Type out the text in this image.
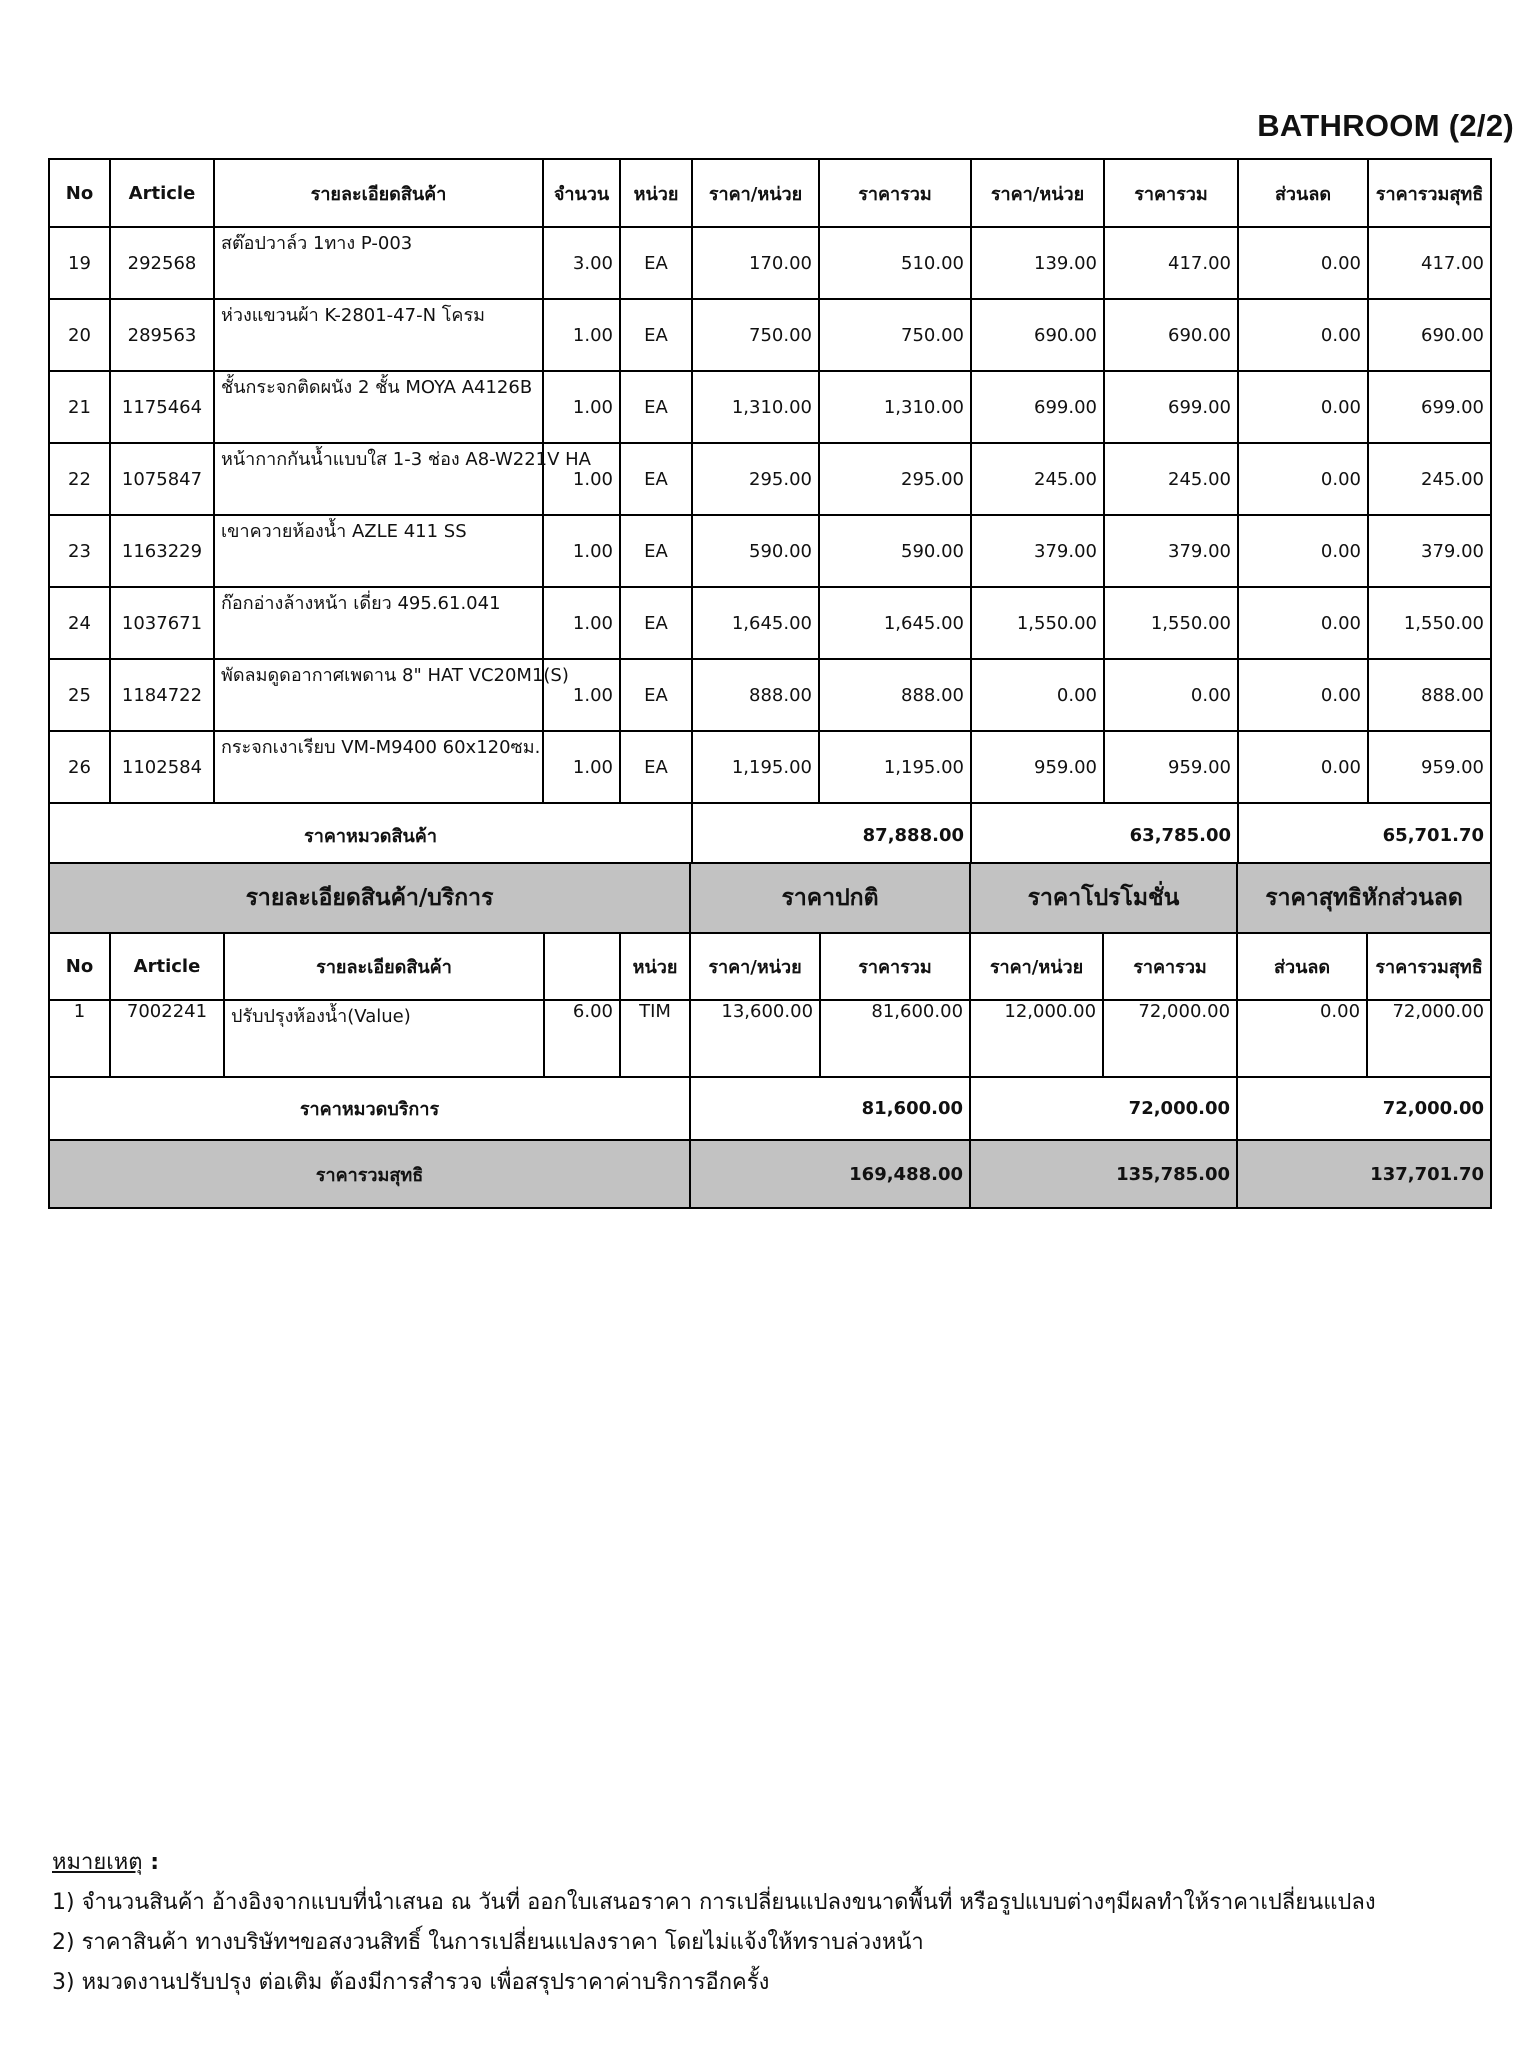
BATHROOM (2/2)
No	Article	รายละเอียดสินค้า	จำนวน	หน่วย	ราคา/หน่วย	ราคารวม	ราคา/หน่วย	ราคารวม	ส่วนลด	ราคารวมสุทธิ
19	292568	สต๊อปวาล์ว 1ทาง P-003	3.00	EA	170.00	510.00	139.00	417.00	0.00	417.00
20	289563	ห่วงแขวนผ้า K-2801-47-N โครม	1.00	EA	750.00	750.00	690.00	690.00	0.00	690.00
21	1175464	ชั้นกระจกติดผนัง 2 ชั้น MOYA A4126B	1.00	EA	1,310.00	1,310.00	699.00	699.00	0.00	699.00
22	1075847	หน้ากากกันน้ำแบบใส 1-3 ช่อง A8-W221V HA	1.00	EA	295.00	295.00	245.00	245.00	0.00	245.00
23	1163229	เขาควายห้องน้ำ AZLE 411 SS	1.00	EA	590.00	590.00	379.00	379.00	0.00	379.00
24	1037671	ก๊อกอ่างล้างหน้า เดี่ยว 495.61.041	1.00	EA	1,645.00	1,645.00	1,550.00	1,550.00	0.00	1,550.00
25	1184722	พัดลมดูดอากาศเพดาน 8" HAT VC20M1(S)	1.00	EA	888.00	888.00	0.00	0.00	0.00	888.00
26	1102584	กระจกเงาเรียบ VM-M9400 60x120ซม.	1.00	EA	1,195.00	1,195.00	959.00	959.00	0.00	959.00
ราคาหมวดสินค้า					87,888.00		63,785.00		65,701.70	
รายละเอียดสินค้า/บริการ					ราคาปกติ		ราคาโปรโมชั่น		ราคาสุทธิหักส่วนลด	
No	Article	รายละเอียดสินค้า		หน่วย	ราคา/หน่วย	ราคารวม	ราคา/หน่วย	ราคารวม	ส่วนลด	ราคารวมสุทธิ
1	7002241	ปรับปรุงห้องน้ำ(Value)	6.00	TIM	13,600.00	81,600.00	12,000.00	72,000.00	0.00	72,000.00
ราคาหมวดบริการ					81,600.00		72,000.00		72,000.00	
ราคารวมสุทธิ					169,488.00		135,785.00		137,701.70	
หมายเหตุ :
1) จำนวนสินค้า อ้างอิงจากแบบที่นำเสนอ ณ วันที่ ออกใบเสนอราคา การเปลี่ยนแปลงขนาดพื้นที่ หรือรูปแบบต่างๆมีผลทำให้ราคาเปลี่ยนแปลง
2) ราคาสินค้า ทางบริษัทฯขอสงวนสิทธิ์ ในการเปลี่ยนแปลงราคา โดยไม่แจ้งให้ทราบล่วงหน้า
3) หมวดงานปรับปรุง ต่อเติม ต้องมีการสำรวจ เพื่อสรุปราคาค่าบริการอีกครั้ง
